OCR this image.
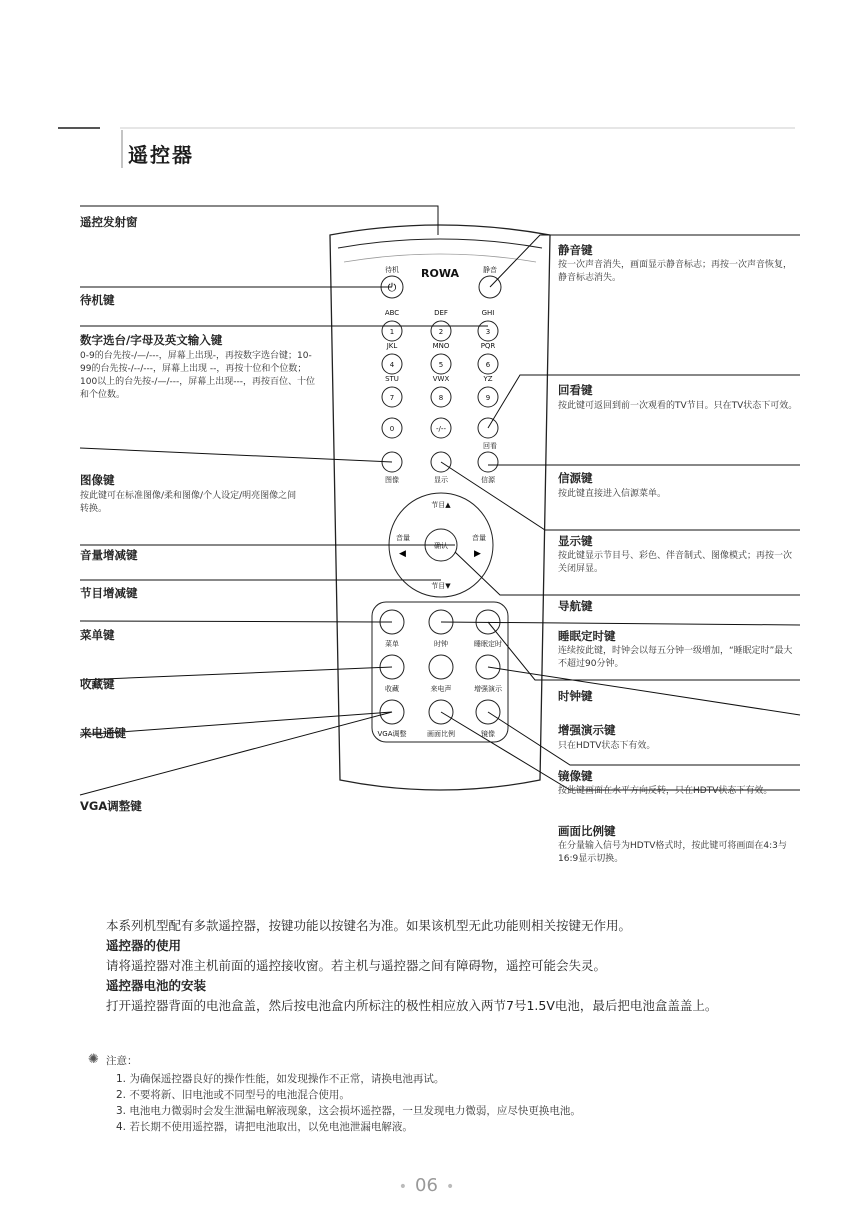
遥控器
ROWA
待机
⏻
静音
ABC	DEF	GHI
JKL	MNO	PQR
STU	VWX	YZ
1	2	3
4	5	6
7	8	9
0	-/--
回看
图像	显示	信源
确认
节目▲
节目▼
音量	音量
◀	▶
菜单	时钟	睡眠定时
收藏	来电声	增强演示
VGA调整	画面比例	镜像
遥控发射窗
待机键
数字选台/字母及英文输入键
0-9的台先按-/—/---，屏幕上出现-，再按数字选台键；10-99的台先按-/--/---，屏幕上出现 --，再按十位和个位数；100以上的台先按-/—/---，屏幕上出现---，再按百位、十位和个位数。
图像键
按此键可在标准图像/柔和图像/个人设定/明亮图像之间转换。
音量增减键
节目增减键
菜单键
收藏键
来电通键
VGA调整键
静音键
按一次声音消失，画面显示静音标志；再按一次声音恢复，静音标志消失。
回看键
按此键可返回到前一次观看的TV节目。只在TV状态下可效。
信源键
按此键直接进入信源菜单。
显示键
按此键显示节目号、彩色、伴音制式、图像模式；再按一次关闭屏显。
导航键
睡眠定时键
连续按此键，时钟会以每五分钟一级增加，“睡眠定时”最大不超过90分钟。
时钟键
增强演示键
只在HDTV状态下有效。
镜像键
按此键画面在水平方向反转，只在HDTV状态下有效。
画面比例键
在分量输入信号为HDTV格式时，按此键可将画面在4:3与16:9显示切换。
本系列机型配有多款遥控器，按键功能以按键名为准。如果该机型无此功能则相关按键无作用。
遥控器的使用
请将遥控器对准主机前面的遥控接收窗。若主机与遥控器之间有障碍物，遥控可能会失灵。
遥控器电池的安装
打开遥控器背面的电池盒盖，然后按电池盒内所标注的极性相应放入两节7号1.5V电池，最后把电池盒盖盖上。
✺ 注意：
1. 为确保遥控器良好的操作性能，如发现操作不正常，请换电池再试。
2. 不要将新、旧电池或不同型号的电池混合使用。
3. 电池电力微弱时会发生泄漏电解液现象，这会损坏遥控器，一旦发现电力微弱，应尽快更换电池。
4. 若长期不使用遥控器，请把电池取出，以免电池泄漏电解液。
• 06 •
